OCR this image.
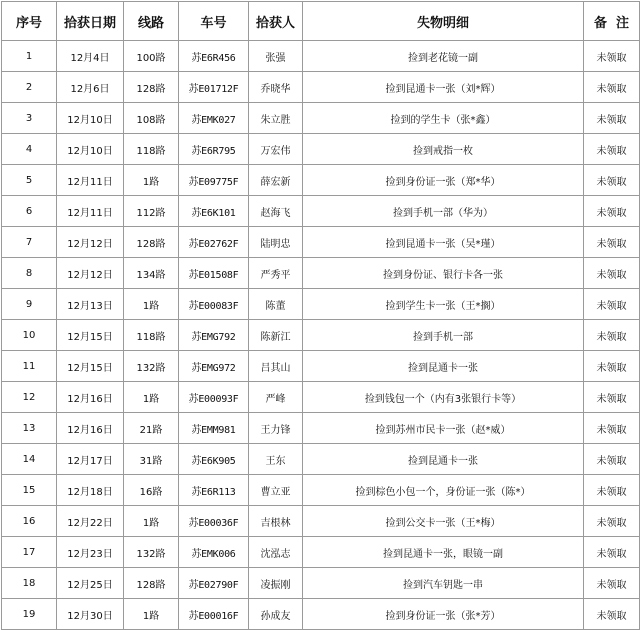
序号	拾获日期	线路	车号	拾获人	失物明细	备  注
1	12月4日	100路	苏E6R456	张强	捡到老花镜一副	未领取
2	12月6日	128路	苏E01712F	乔晓华	捡到昆通卡一张（刘*辉）	未领取
3	12月10日	108路	苏EMK027	朱立胜	捡到的学生卡（张*鑫）	未领取
4	12月10日	118路	苏E6R795	万宏伟	捡到戒指一枚	未领取
5	12月11日	1路	苏E09775F	薛宏新	捡到身份证一张（郑*华）	未领取
6	12月11日	112路	苏E6K101	赵海飞	捡到手机一部（华为）	未领取
7	12月12日	128路	苏E02762F	陆明忠	捡到昆通卡一张（吴*瑾）	未领取
8	12月12日	134路	苏E01508F	严秀平	捡到身份证、银行卡各一张	未领取
9	12月13日	1路	苏E00083F	陈董	捡到学生卡一张（王*搁）	未领取
10	12月15日	118路	苏EMG792	陈新江	捡到手机一部	未领取
11	12月15日	132路	苏EMG972	吕其山	捡到昆通卡一张	未领取
12	12月16日	1路	苏E00093F	严峰	捡到钱包一个（内有3张银行卡等）	未领取
13	12月16日	21路	苏EMM981	王力锋	捡到苏州市民卡一张（赵*威）	未领取
14	12月17日	31路	苏E6K905	王东	捡到昆通卡一张	未领取
15	12月18日	16路	苏E6R113	曹立亚	捡到棕色小包一个，身份证一张（陈*）	未领取
16	12月22日	1路	苏E00036F	吉根林	捡到公交卡一张（王*梅）	未领取
17	12月23日	132路	苏EMK006	沈泓志	捡到昆通卡一张，眼镜一副	未领取
18	12月25日	128路	苏E02790F	凌振刚	捡到汽车钥匙一串	未领取
19	12月30日	1路	苏E00016F	孙成友	捡到身份证一张（张*芳）	未领取
